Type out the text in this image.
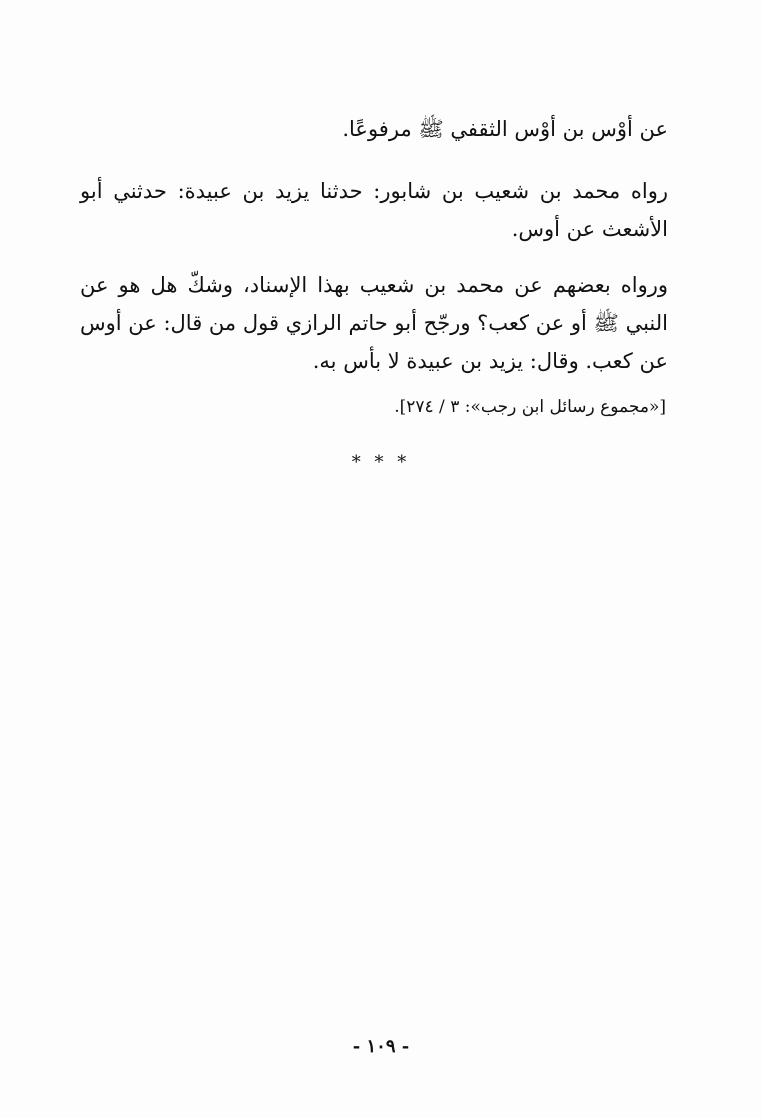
عن أوْس بن أوْس الثقفي ﷺ مرفوعًا.
رواه محمد بن شعيب بن شابور: حدثنا يزيد بن عبيدة: حدثني أبو
الأشعث عن أوس.
ورواه بعضهم عن محمد بن شعيب بهذا الإسناد، وشكّ هل هو عن
النبي ﷺ أو عن كعب؟ ورجّح أبو حاتم الرازي قول من قال: عن أوس
عن كعب. وقال: يزيد بن عبيدة لا بأس به.
[«مجموع رسائل ابن رجب»: ٣ / ٢٧٤].
* * *
- ١٠٩ -
